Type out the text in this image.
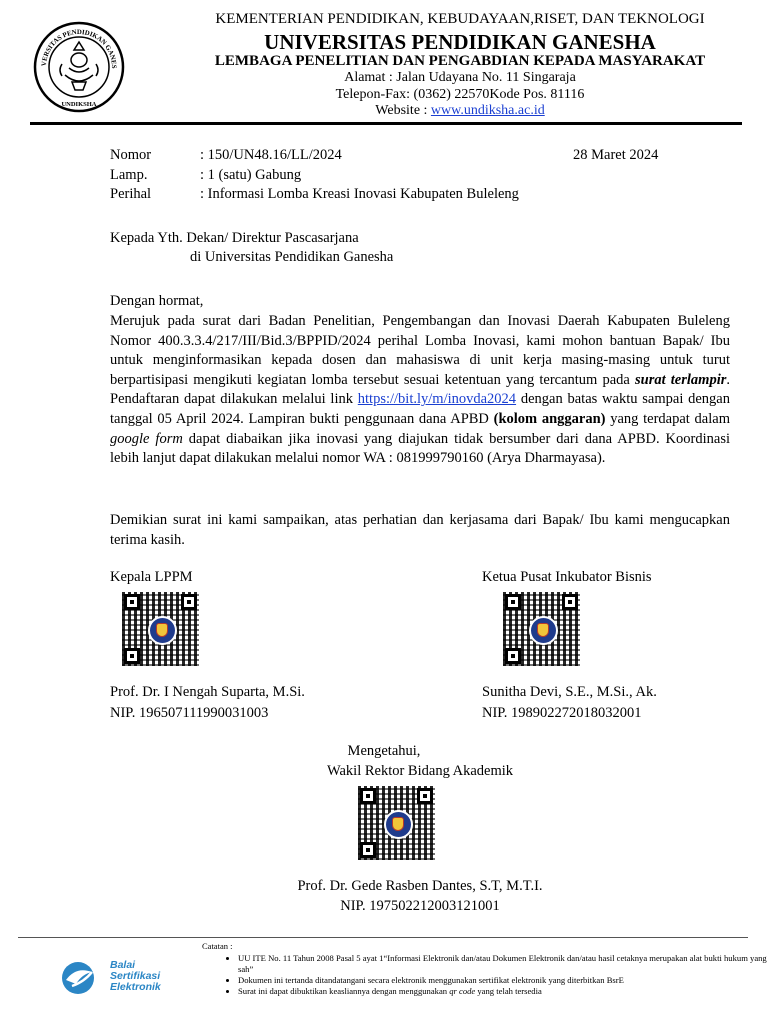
VERSITAS PENDIDIKAN GANES
UNDIKSHA
KEMENTERIAN PENDIDIKAN, KEBUDAYAAN,RISET, DAN TEKNOLOGI
UNIVERSITAS PENDIDIKAN GANESHA
LEMBAGA PENELITIAN DAN PENGABDIAN KEPADA MASYARAKAT
Alamat : Jalan Udayana No. 11 Singaraja
Telepon-Fax: (0362) 22570Kode Pos. 81116
Website : www.undiksha.ac.id
Nomor	: 150/UN48.16/LL/2024	28 Maret 2024
Lamp.	: 1 (satu) Gabung
Perihal	: Informasi Lomba Kreasi Inovasi Kabupaten Buleleng
Kepada Yth. Dekan/ Direktur Pascasarjana
di Universitas Pendidikan Ganesha
Dengan hormat,
Merujuk pada surat dari Badan Penelitian, Pengembangan dan Inovasi Daerah Kabupaten Buleleng Nomor 400.3.3.4/217/III/Bid.3/BPPID/2024 perihal Lomba Inovasi, kami mohon bantuan Bapak/ Ibu untuk menginformasikan kepada dosen dan mahasiswa di unit kerja masing-masing untuk turut berpartisipasi mengikuti kegiatan lomba tersebut sesuai ketentuan yang tercantum pada surat terlampir. Pendaftaran dapat dilakukan melalui link https://bit.ly/m/inovda2024 dengan batas waktu sampai dengan tanggal 05 April 2024. Lampiran bukti penggunaan dana APBD (kolom anggaran) yang terdapat dalam google form dapat diabaikan jika inovasi yang diajukan tidak bersumber dari dana APBD. Koordinasi lebih lanjut dapat dilakukan melalui nomor WA : 081999790160 (Arya Dharmayasa).
Demikian surat ini kami sampaikan, atas perhatian dan kerjasama dari Bapak/ Ibu kami mengucapkan terima kasih.
Kepala LPPM	Ketua Pusat Inkubator Bisnis
Prof. Dr. I Nengah Suparta, M.Si.	Sunitha Devi, S.E., M.Si., Ak.
NIP. 196507111990031003	NIP. 198902272018032001
Mengetahui,
Wakil Rektor Bidang Akademik
Prof. Dr. Gede Rasben Dantes, S.T, M.T.I.
NIP. 197502212003121001
Balai
Sertifikasi
Elektronik
Catatan :
• UU ITE No. 11 Tahun 2008 Pasal 5 ayat 1“Informasi Elektronik dan/atau Dokumen Elektronik dan/atau hasil cetaknya merupakan alat bukti hukum yang sah”
• Dokumen ini tertanda ditandatangani secara elektronik menggunakan sertifikat elektronik yang diterbitkan BsrE
• Surat ini dapat dibuktikan keasliannya dengan menggunakan qr code yang telah tersedia
